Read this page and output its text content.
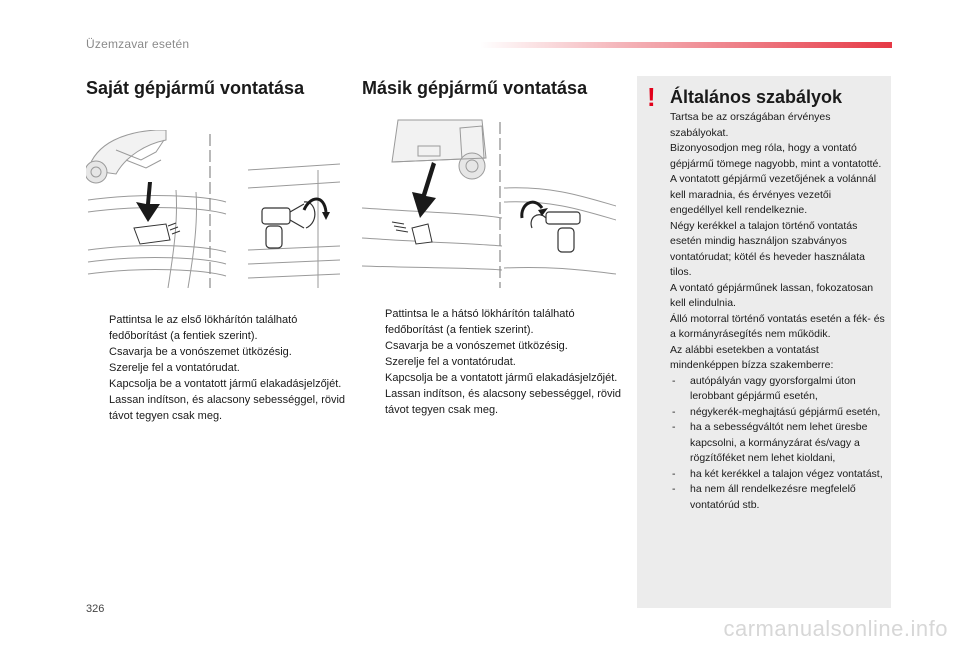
Üzemzavar esetén
Saját gépjármű vontatása
Pattintsa le az első lökhárítón található fedőborítást (a fentiek szerint).
Csavarja be a vonószemet ütközésig.
Szerelje fel a vontatórudat.
Kapcsolja be a vontatott jármű elakadásjelzőjét.
Lassan indítson, és alacsony sebességgel, rövid távot tegyen csak meg.
Másik gépjármű vontatása
Pattintsa le a hátsó lökhárítón található fedőborítást (a fentiek szerint).
Csavarja be a vonószemet ütközésig.
Szerelje fel a vontatórudat.
Kapcsolja be a vontatott jármű elakadásjelzőjét.
Lassan indítson, és alacsony sebességgel, rövid távot tegyen csak meg.
! Általános szabályok

Tartsa be az országában érvényes szabályokat.

Bizonyosodjon meg róla, hogy a vontató gépjármű tömege nagyobb, mint a vontatotté.

A vontatott gépjármű vezetőjének a volánnál kell maradnia, és érvényes vezetői engedéllyel kell rendelkeznie.

Négy kerékkel a talajon történő vontatás esetén mindig használjon szabványos vontatórudat; kötél és heveder használata tilos.

A vontató gépjárműnek lassan, fokozatosan kell elindulnia.

Álló motorral történő vontatás esetén a fék- és a kormányrásegítés nem működik.

Az alábbi esetekben a vontatást mindenképpen bízza szakemberre:

- autópályán vagy gyorsforgalmi úton lerobbant gépjármű esetén,
- négykerék-meghajtású gépjármű esetén,
- ha a sebességváltót nem lehet üresbe kapcsolni, a kormányzárat és/vagy a rögzítőféket nem lehet kioldani,
- ha két kerékkel a talajon végez vontatást,
- ha nem áll rendelkezésre megfelelő vontatórúd stb.
326
carmanualsonline.info
